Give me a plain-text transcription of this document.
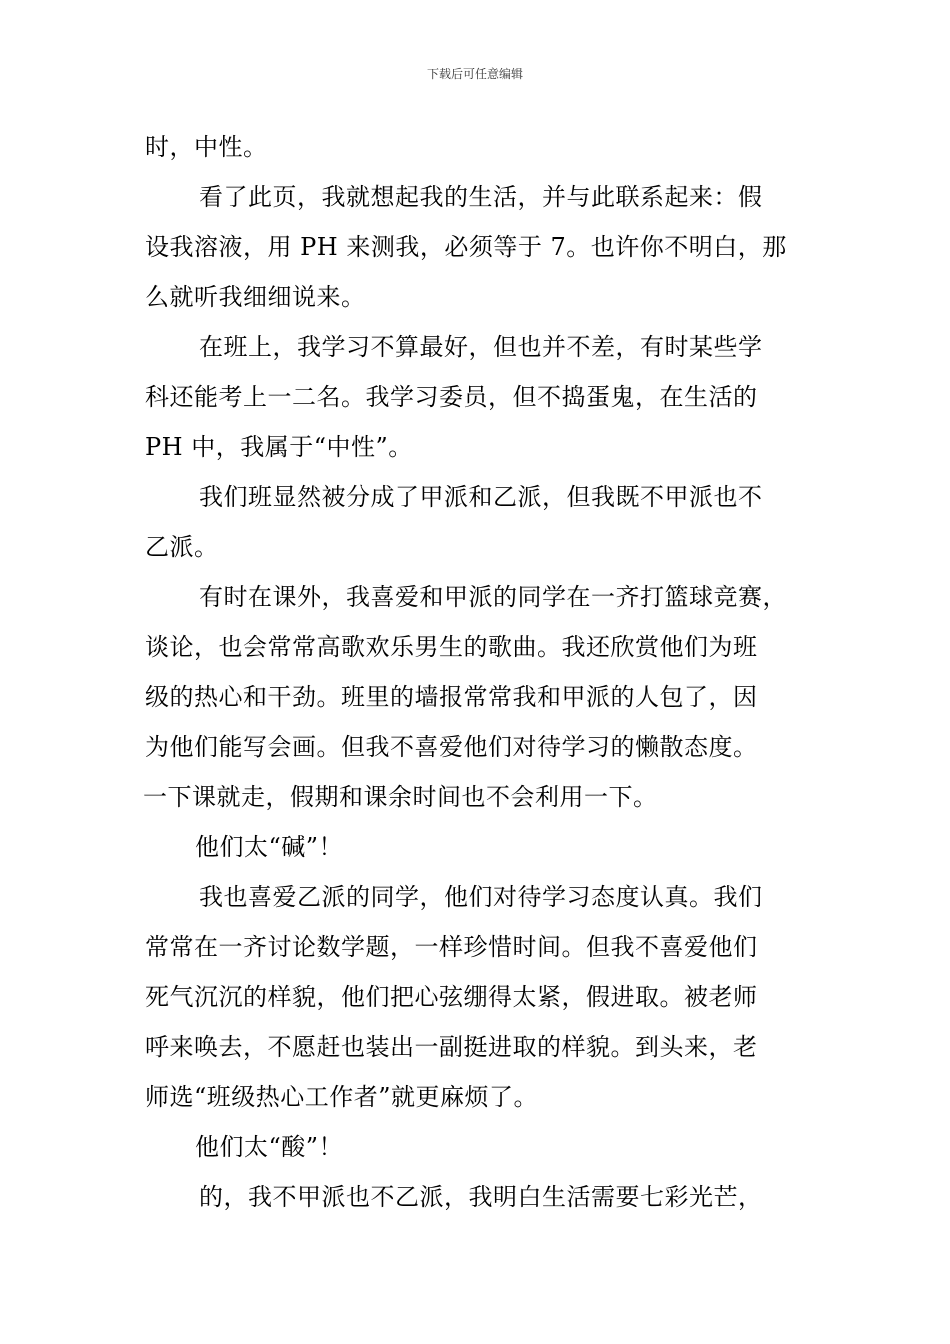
下载后可任意编辑
时，中性。
看了此页，我就想起我的生活，并与此联系起来：假
设我溶液，用 PH 来测我，必须等于 7。也许你不明白，那
么就听我细细说来。
在班上，我学习不算最好，但也并不差，有时某些学
科还能考上一二名。我学习委员，但不捣蛋鬼，在生活的
PH 中，我属于“中性”。
我们班显然被分成了甲派和乙派，但我既不甲派也不
乙派。
有时在课外，我喜爱和甲派的同学在一齐打篮球竞赛，
谈论，也会常常高歌欢乐男生的歌曲。我还欣赏他们为班
级的热心和干劲。班里的墙报常常我和甲派的人包了，因
为他们能写会画。但我不喜爱他们对待学习的懒散态度。
一下课就走，假期和课余时间也不会利用一下。
他们太“碱”！
我也喜爱乙派的同学，他们对待学习态度认真。我们
常常在一齐讨论数学题，一样珍惜时间。但我不喜爱他们
死气沉沉的样貌，他们把心弦绷得太紧，假进取。被老师
呼来唤去，不愿赶也装出一副挺进取的样貌。到头来，老
师选“班级热心工作者”就更麻烦了。
他们太“酸”！
的，我不甲派也不乙派，我明白生活需要七彩光芒，
